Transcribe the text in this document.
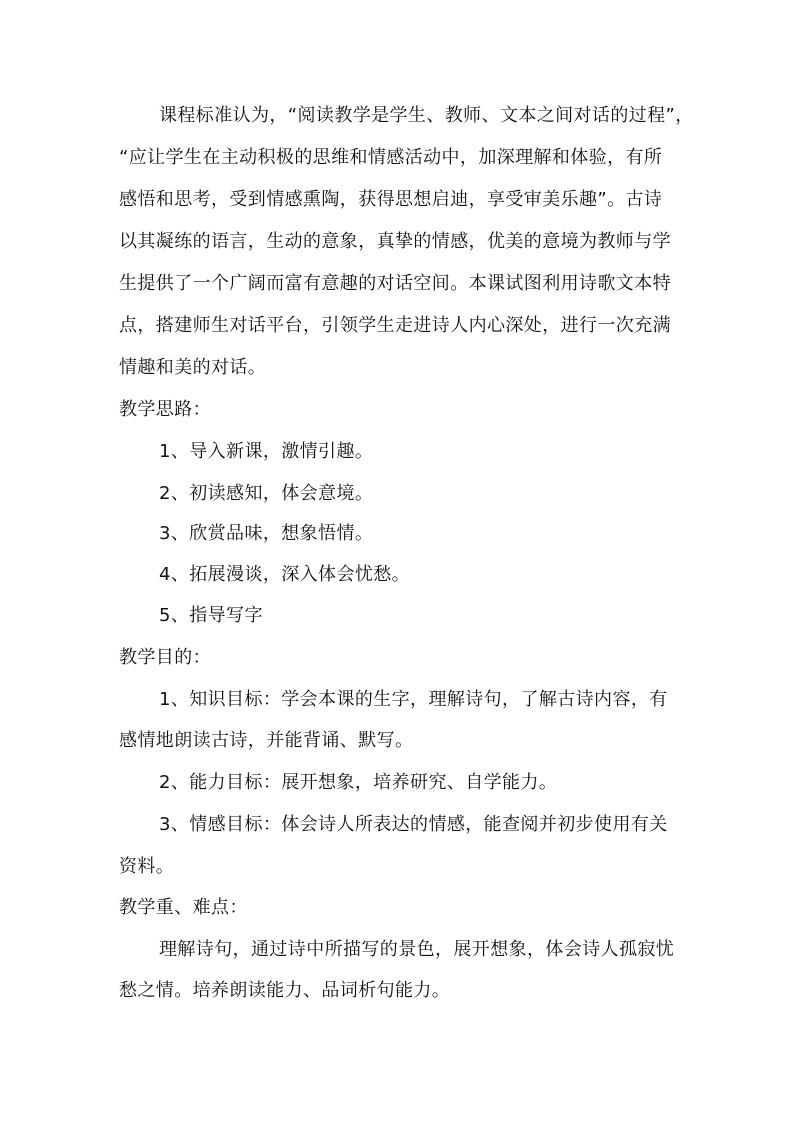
课程标准认为，“阅读教学是学生、教师、文本之间对话的过程”，
“应让学生在主动积极的思维和情感活动中，加深理解和体验，有所
感悟和思考，受到情感熏陶，获得思想启迪，享受审美乐趣”。古诗
以其凝练的语言，生动的意象，真挚的情感，优美的意境为教师与学
生提供了一个广阔而富有意趣的对话空间。本课试图利用诗歌文本特
点，搭建师生对话平台，引领学生走进诗人内心深处，进行一次充满
情趣和美的对话。
教学思路：
1、导入新课，激情引趣。
2、初读感知，体会意境。
3、欣赏品味，想象悟情。
4、拓展漫谈，深入体会忧愁。
5、指导写字
教学目的：
1、知识目标：学会本课的生字，理解诗句，了解古诗内容，有
感情地朗读古诗，并能背诵、默写。
2、能力目标：展开想象，培养研究、自学能力。
3、情感目标：体会诗人所表达的情感，能查阅并初步使用有关
资料。
教学重、难点：
理解诗句，通过诗中所描写的景色，展开想象，体会诗人孤寂忧
愁之情。培养朗读能力、品词析句能力。
